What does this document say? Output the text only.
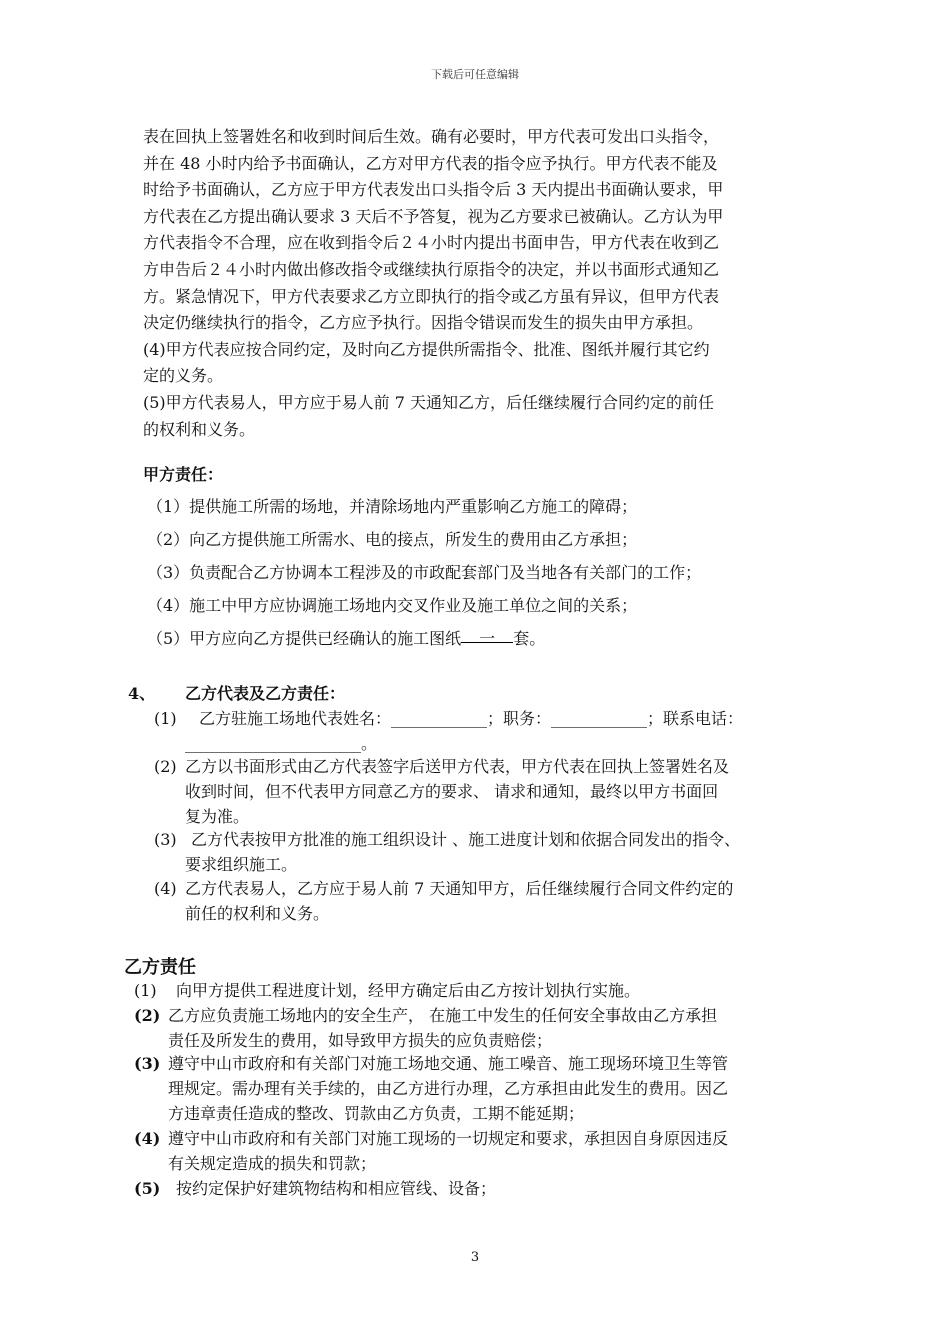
下载后可任意编辑
表在回执上签署姓名和收到时间后生效。确有必要时，甲方代表可发出口头指令，
并在 48 小时内给予书面确认，乙方对甲方代表的指令应予执行。甲方代表不能及
时给予书面确认，乙方应于甲方代表发出口头指令后 3 天内提出书面确认要求，甲
方代表在乙方提出确认要求 3 天后不予答复，视为乙方要求已被确认。乙方认为甲
方代表指令不合理，应在收到指令后２４小时内提出书面申告，甲方代表在收到乙
方申告后２４小时内做出修改指令或继续执行原指令的决定，并以书面形式通知乙
方。紧急情况下，甲方代表要求乙方立即执行的指令或乙方虽有异议，但甲方代表
决定仍继续执行的指令，乙方应予执行。因指令错误而发生的损失由甲方承担。
(4)甲方代表应按合同约定，及时向乙方提供所需指令、批准、图纸并履行其它约
定的义务。
(5)甲方代表易人，甲方应于易人前 7 天通知乙方，后任继续履行合同约定的前任
的权利和义务。
甲方责任：
（1）提供施工所需的场地，并清除场地内严重影响乙方施工的障碍；
（2）向乙方提供施工所需水、电的接点，所发生的费用由乙方承担；
（3）负责配合乙方协调本工程涉及的市政配套部门及当地各有关部门的工作；
（4）施工中甲方应协调施工场地内交叉作业及施工单位之间的关系；
（5）甲方应向乙方提供已经确认的施工图纸 一 套。
4、 乙方代表及乙方责任：
(1) 乙方驻施工场地代表姓名：____________；职务：____________；联系电话：
______________________。
(2) 乙方以书面形式由乙方代表签字后送甲方代表，甲方代表在回执上签署姓名及
收到时间，但不代表甲方同意乙方的要求、 请求和通知，最终以甲方书面回
复为准。
(3) 乙方代表按甲方批准的施工组织设计 、施工进度计划和依据合同发出的指令、
要求组织施工。
(4) 乙方代表易人，乙方应于易人前 7 天通知甲方，后任继续履行合同文件约定的
前任的权利和义务。
乙方责任
(1) 向甲方提供工程进度计划，经甲方确定后由乙方按计划执行实施。
(2) 乙方应负责施工场地内的安全生产， 在施工中发生的任何安全事故由乙方承担
责任及所发生的费用，如导致甲方损失的应负责赔偿；
(3) 遵守中山市政府和有关部门对施工场地交通、施工噪音、施工现场环境卫生等管
理规定。需办理有关手续的，由乙方进行办理，乙方承担由此发生的费用。因乙
方违章责任造成的整改、罚款由乙方负责，工期不能延期；
(4) 遵守中山市政府和有关部门对施工现场的一切规定和要求，承担因自身原因违反
有关规定造成的损失和罚款；
(5) 按约定保护好建筑物结构和相应管线、设备；
3
